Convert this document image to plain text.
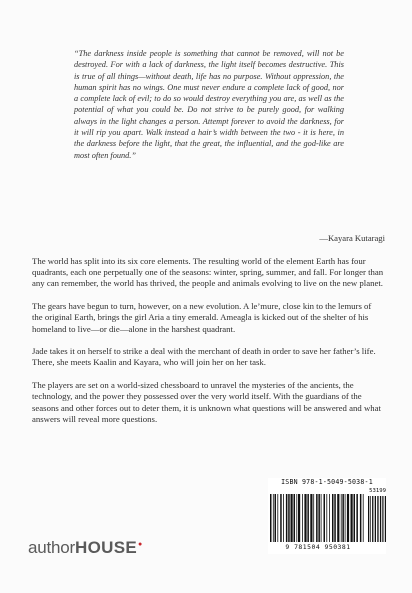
“The darkness inside people is something that cannot be removed, will not be destroyed. For with a lack of darkness, the light itself becomes destructive. This is true of all things—without death, life has no purpose. Without oppression, the human spirit has no wings. One must never endure a complete lack of good, nor a complete lack of evil; to do so would destroy everything you are, as well as the potential of what you could be. Do not strive to be purely good, for walking always in the light changes a person. Attempt forever to avoid the darkness, for it will rip you apart. Walk instead a hair’s width between the two - it is here, in the darkness before the light, that the great, the influential, and the god-like are most often found.”
—Kayara Kutaragi

The world has split into its six core elements. The resulting world of the element Earth has four quadrants, each one perpetually one of the seasons: winter, spring, summer, and fall. For longer than any can remember, the world has thrived, the people and animals evolving to live on the new planet.

The gears have begun to turn, however, on a new evolution. A le’mure, close kin to the lemurs of the original Earth, brings the girl Aria a tiny emerald. Ameagla is kicked out of the shelter of his homeland to live—or die—alone in the harshest quadrant.

Jade takes it on herself to strike a deal with the merchant of death in order to save her father’s life. There, she meets Kaalin and Kayara, who will join her on her task.

The players are set on a world-sized chessboard to unravel the mysteries of the ancients, the technology, and the power they possessed over the very world itself. With the guardians of the seasons and other forces out to deter them, it is unknown what questions will be answered and what answers will reveal more questions.

ISBN 978-1-5049-5038-1
53199
9 781504 950381
authorHOUSE●
